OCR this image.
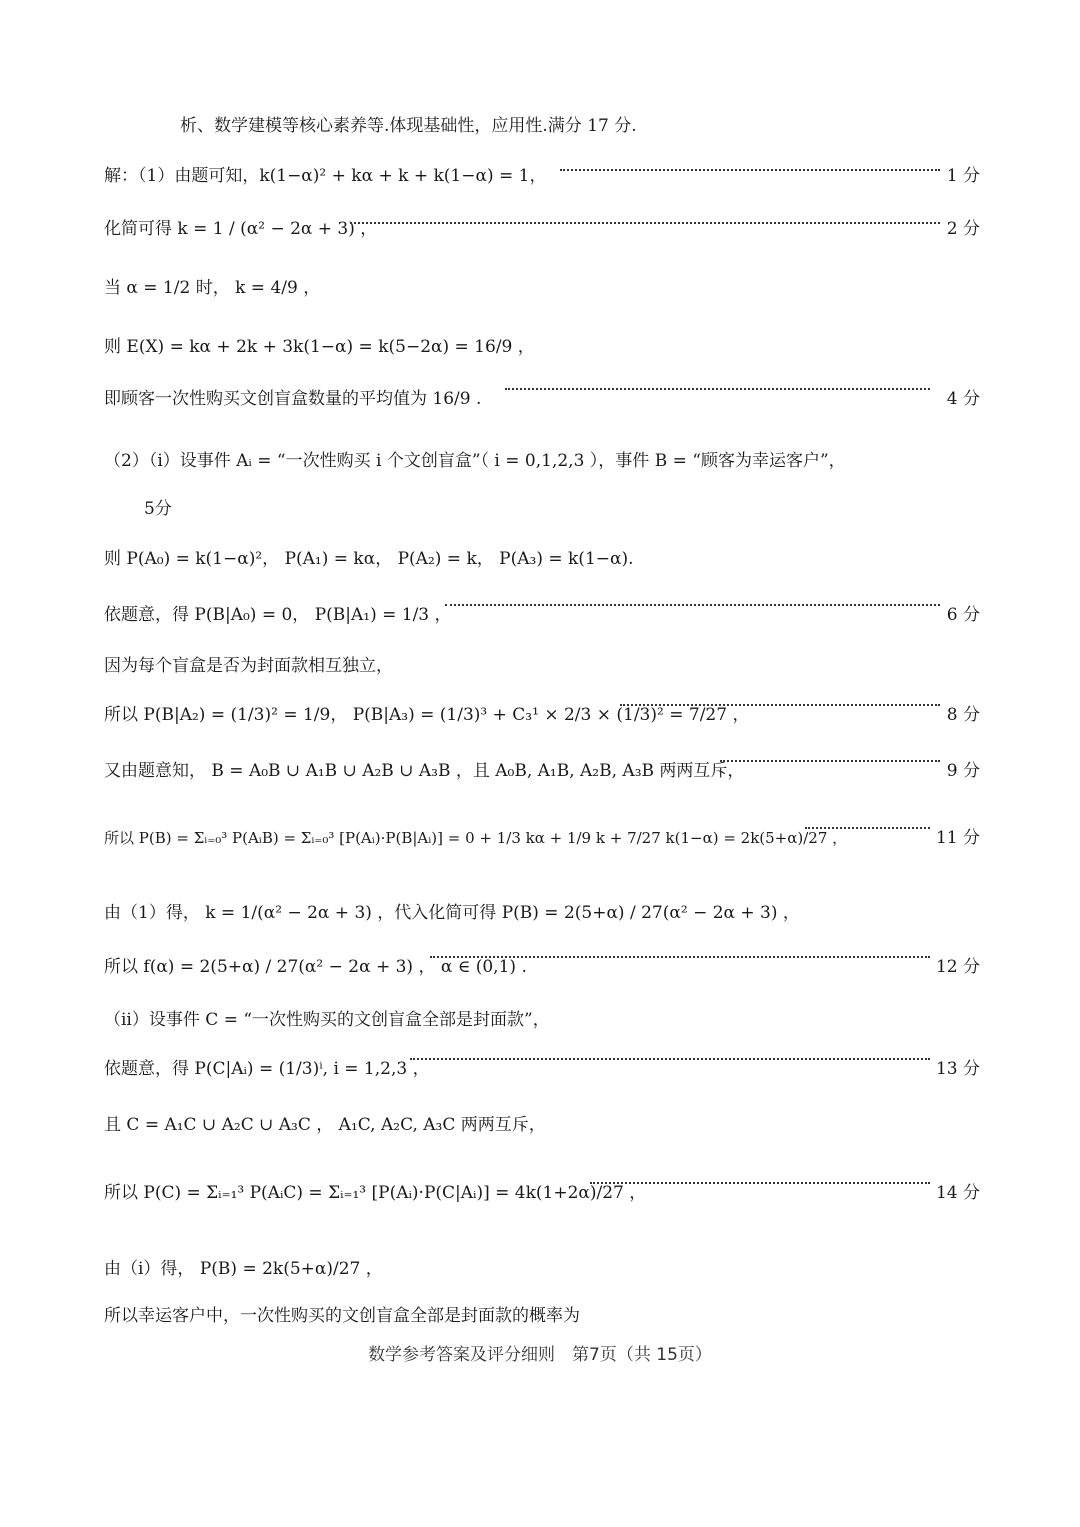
析、数学建模等核心素养等.体现基础性，应用性.满分 17 分.
解：（1）由题可知，k(1−α)² + kα + k + k(1−α) = 1，	1 分
化简可得 k = 1 / (α² − 2α + 3) ，	2 分
当 α = 1/2 时， k = 4/9 ，
则 E(X) = kα + 2k + 3k(1−α) = k(5−2α) = 16/9 ，
即顾客一次性购买文创盲盒数量的平均值为 16/9 .	4 分
（2）（i）设事件 Aᵢ = “一次性购买 i 个文创盲盒”（ i = 0,1,2,3 ），事件 B = “顾客为幸运客户”，
5分
则 P(A₀) = k(1−α)²， P(A₁) = kα， P(A₂) = k， P(A₃) = k(1−α).
依题意，得 P(B|A₀) = 0， P(B|A₁) = 1/3 ，	6 分
因为每个盲盒是否为封面款相互独立，
所以 P(B|A₂) = (1/3)² = 1/9， P(B|A₃) = (1/3)³ + C₃¹ × 2/3 × (1/3)² = 7/27 ，	8 分
又由题意知， B = A₀B ∪ A₁B ∪ A₂B ∪ A₃B ，且 A₀B, A₁B, A₂B, A₃B 两两互斥，	9 分
所以 P(B) = Σᵢ₌₀³ P(AᵢB) = Σᵢ₌₀³ [P(Aᵢ)·P(B|Aᵢ)] = 0 + 1/3 kα + 1/9 k + 7/27 k(1−α) = 2k(5+α)/27 ，	11 分
由（1）得， k = 1/(α² − 2α + 3) ，代入化简可得 P(B) = 2(5+α) / 27(α² − 2α + 3) ，
所以 f(α) = 2(5+α) / 27(α² − 2α + 3) ， α ∈ (0,1) .	12 分
（ii）设事件 C = “一次性购买的文创盲盒全部是封面款”，
依题意，得 P(C|Aᵢ) = (1/3)ⁱ, i = 1,2,3 ，	13 分
且 C = A₁C ∪ A₂C ∪ A₃C ， A₁C, A₂C, A₃C 两两互斥，
所以 P(C) = Σᵢ₌₁³ P(AᵢC) = Σᵢ₌₁³ [P(Aᵢ)·P(C|Aᵢ)] = 4k(1+2α)/27 ，	14 分
由（i）得， P(B) = 2k(5+α)/27 ，
所以幸运客户中，一次性购买的文创盲盒全部是封面款的概率为
数学参考答案及评分细则　第7页（共 15页）
